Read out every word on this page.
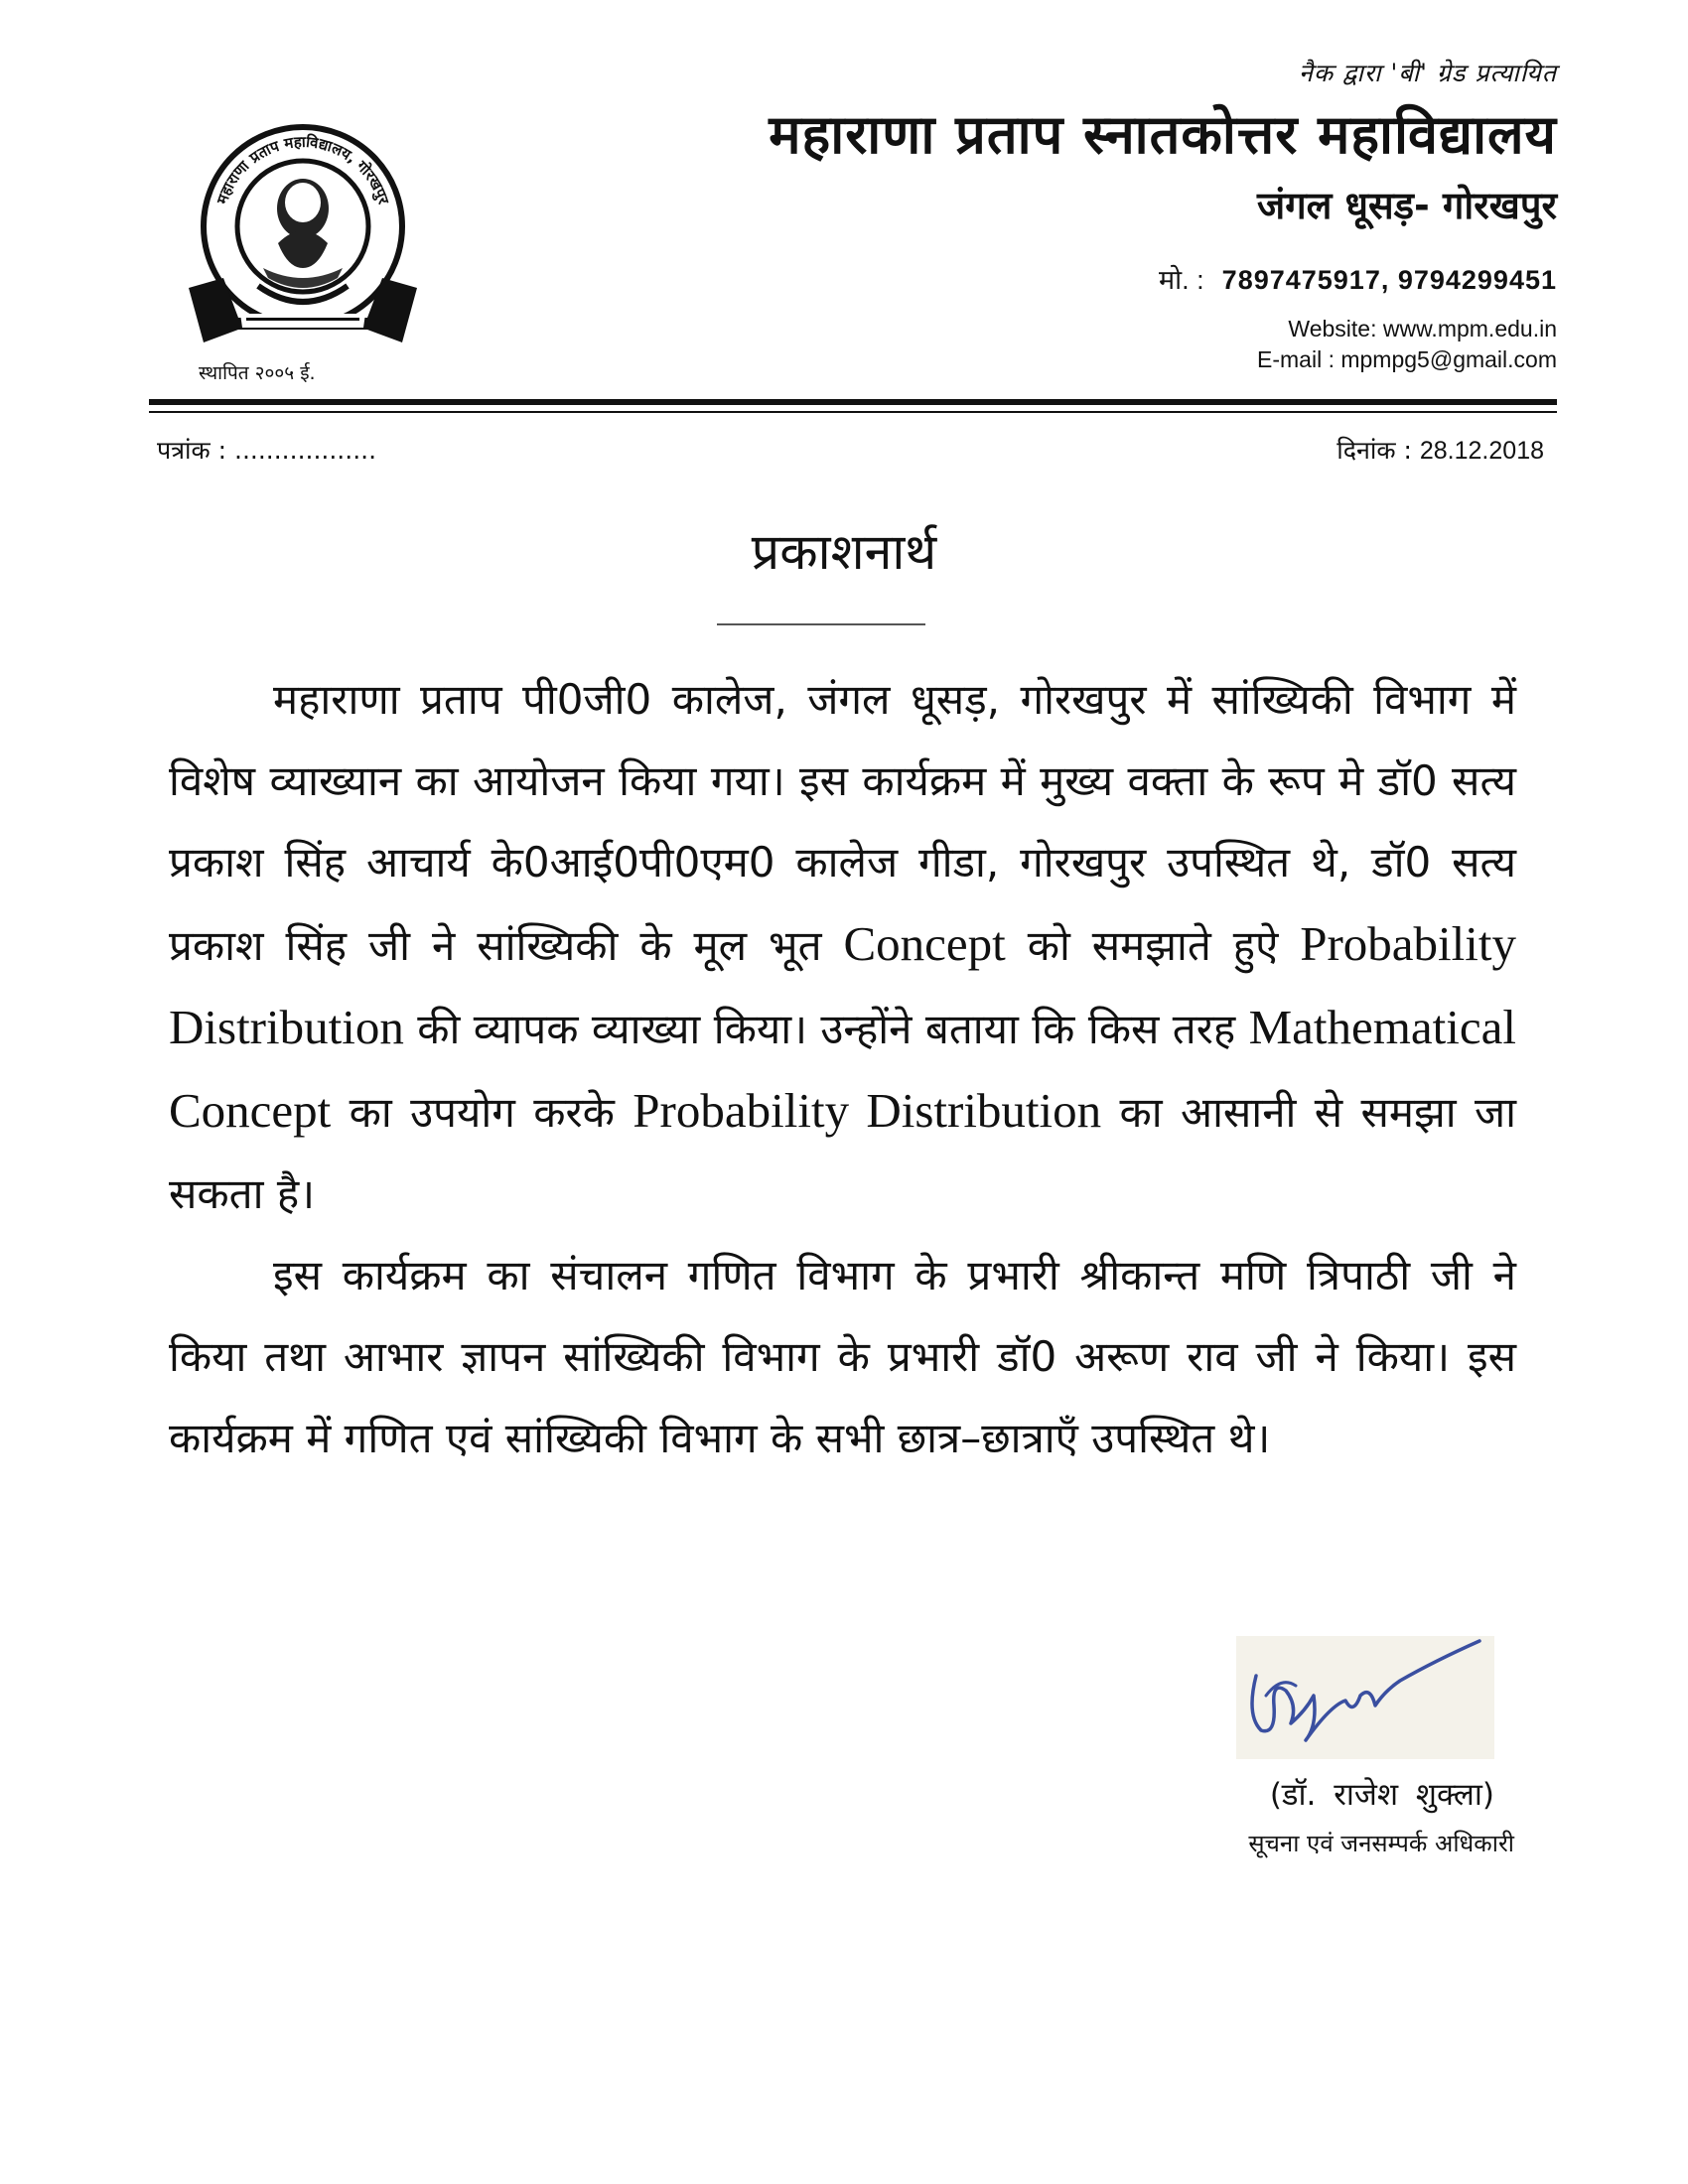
महाराणा प्रताप महाविद्यालय, गोरखपुर
स्थापित २००५ ई.
नैक द्वारा 'बी' ग्रेड प्रत्यायित
महाराणा प्रताप स्नातकोत्तर महाविद्यालय
जंगल धूसड़- गोरखपुर
मो. : 7897475917, 9794299451
Website: www.mpm.edu.in
E-mail : mpmpg5@gmail.com
पत्रांक : ..................	दिनांक : 28.12.2018
प्रकाशनार्थ

महाराणा प्रताप पी0जी0 कालेज, जंगल धूसड़, गोरखपुर में सांख्यिकी विभाग में विशेष व्याख्यान का आयोजन किया गया। इस कार्यक्रम में मुख्य वक्ता के रूप मे डॉ0 सत्य प्रकाश सिंह आचार्य के0आई0पी0एम0 कालेज गीडा, गोरखपुर उपस्थित थे, डॉ0 सत्य प्रकाश सिंह जी ने सांख्यिकी के मूल भूत Concept को समझाते हुऐ Probability Distribution की व्यापक व्याख्या किया। उन्होंने बताया कि किस तरह Mathematical Concept का उपयोग करके Probability Distribution का आसानी से समझा जा सकता है।

इस कार्यक्रम का संचालन गणित विभाग के प्रभारी श्रीकान्त मणि त्रिपाठी जी ने किया तथा आभार ज्ञापन सांख्यिकी विभाग के प्रभारी डॉ0 अरूण राव जी ने किया। इस कार्यक्रम में गणित एवं सांख्यिकी विभाग के सभी छात्र–छात्राएँ उपस्थित थे।

(डॉ. राजेश शुक्ला)
सूचना एवं जनसम्पर्क अधिकारी
